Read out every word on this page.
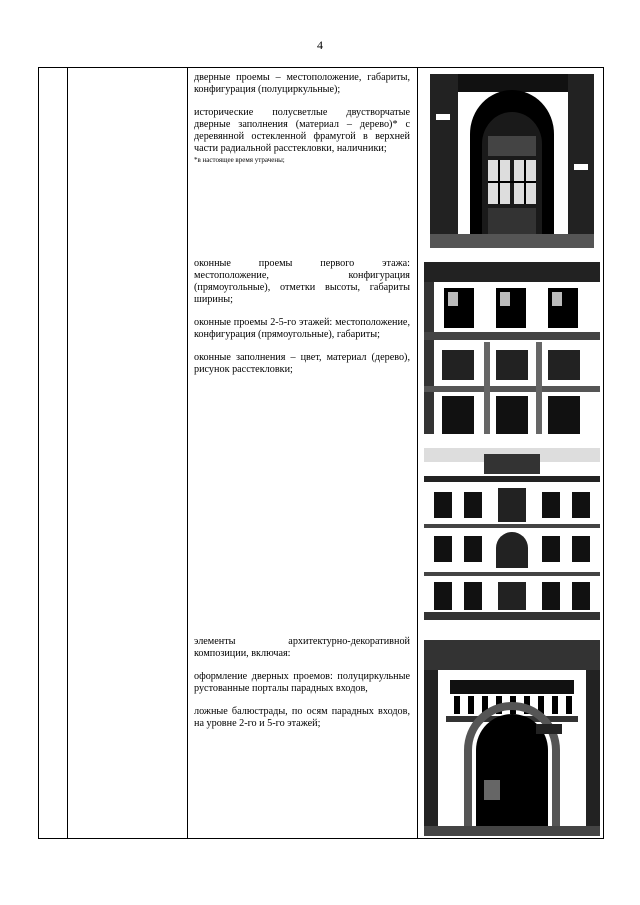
4

дверные проемы – местоположение, габариты, конфигурация (полуциркульные);

исторические полусветлые двустворчатые дверные заполнения (материал – дерево)* с деревянной остекленной фрамугой в верхней части радиальной расстекловки, наличники;

*в настоящее время утрачены;

оконные проемы первого этажа: местоположение, конфигурация (прямоугольные), отметки высоты, габариты ширины;

оконные проемы 2-5-го этажей: местоположение, конфигурация (прямоугольные), габариты;

оконные заполнения – цвет, материал (дерево), рисунок расстекловки;

элементы архитектурно-декоративной композиции, включая:

оформление дверных проемов: полуциркульные рустованные порталы парадных входов,

ложные балюстрады, по осям парадных входов, на уровне 2-го и 5-го этажей;
